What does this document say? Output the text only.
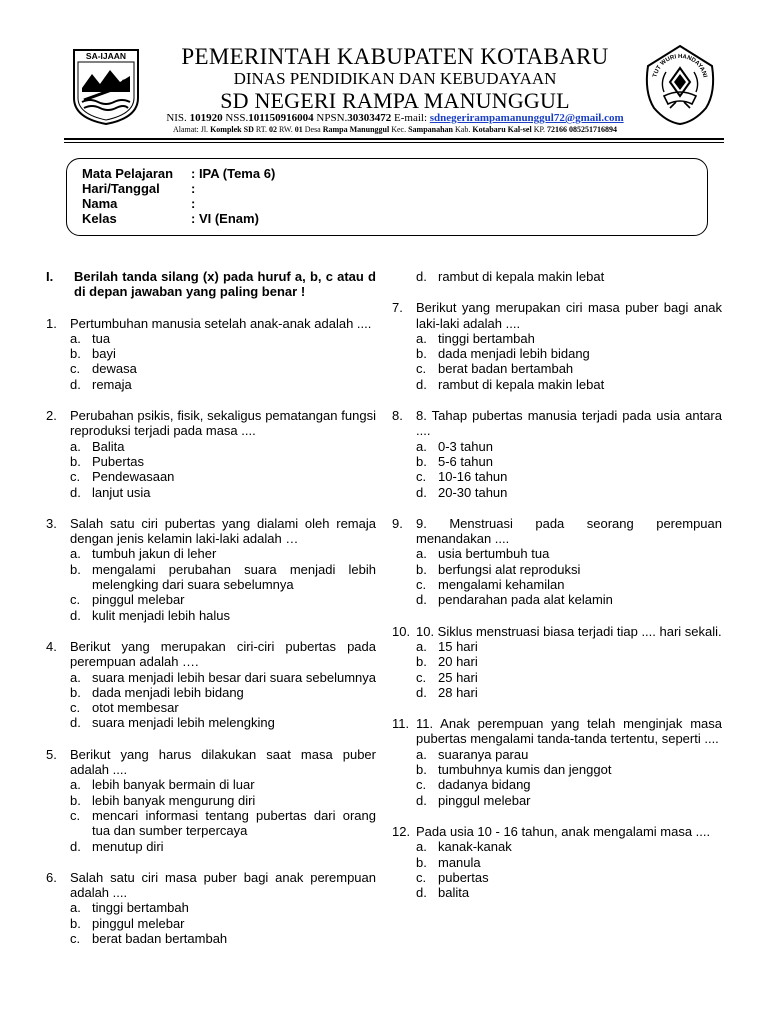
SA-IJAAN	PEMERINTAH KABUPATEN KOTABARU
DINAS PENDIDIKAN DAN KEBUDAYAAN
SD NEGERI RAMPA MANUNGGUL
NIS. 101920 NSS.101150916004 NPSN.30303472 E-mail: sdnegerirampamanunggul72@gmail.com
Alamat: Jl. Komplek SD RT. 02 RW. 01 Desa Rampa Manunggul Kec. Sampanahan Kab. Kotabaru Kal-sel KP. 72166 085251716894
TUT WURI HANDAYANI
Mata Pelajaran : IPA (Tema 6)
Hari/Tanggal :
Nama	:
Kelas	: VI (Enam)
I.	Berilah tanda silang (x) pada huruf a, b, c atau d di depan jawaban yang paling benar !
1.	Pertumbuhan manusia setelah anak-anak adalah ....
a. tua
b. bayi
c. dewasa
d. remaja
2.	Perubahan psikis, fisik, sekaligus pematangan fungsi reproduksi terjadi pada masa ....
a. Balita
b. Pubertas
c. Pendewasaan
d. lanjut usia
3.	Salah satu ciri pubertas yang dialami oleh remaja dengan jenis kelamin laki-laki adalah …
a. tumbuh jakun di leher
b. mengalami perubahan suara menjadi lebih melengking dari suara sebelumnya
c. pinggul melebar
d. kulit menjadi lebih halus
4.	Berikut yang merupakan ciri-ciri pubertas pada perempuan adalah ….
a. suara menjadi lebih besar dari suara sebelumnya
b. dada menjadi lebih bidang
c. otot membesar
d. suara menjadi lebih melengking
5.	Berikut yang harus dilakukan saat masa puber adalah ....
a. lebih banyak bermain di luar
b. lebih banyak mengurung diri
c. mencari informasi tentang pubertas dari orang tua dan sumber terpercaya
d. menutup diri
6.	Salah satu ciri masa puber bagi anak perempuan adalah ....
a. tinggi bertambah
b. pinggul melebar
c. berat badan bertambah
d. rambut di kepala makin lebat
7.	Berikut yang merupakan ciri masa puber bagi anak laki-laki adalah ....
a. tinggi bertambah
b. dada menjadi lebih bidang
c. berat badan bertambah
d. rambut di kepala makin lebat
8.	8. Tahap pubertas manusia terjadi pada usia antara ....
a. 0-3 tahun
b. 5-6 tahun
c. 10-16 tahun
d. 20-30 tahun
9.	9. Menstruasi pada seorang perempuan menandakan ....
a. usia bertumbuh tua
b. berfungsi alat reproduksi
c. mengalami kehamilan
d. pendarahan pada alat kelamin
10. 10. Siklus menstruasi biasa terjadi tiap .... hari sekali.
a. 15 hari
b. 20 hari
c. 25 hari
d. 28 hari
11. 11. Anak perempuan yang telah menginjak masa pubertas mengalami tanda-tanda tertentu, seperti ....
a. suaranya parau
b. tumbuhnya kumis dan jenggot
c. dadanya bidang
d. pinggul melebar
12. Pada usia 10 - 16 tahun, anak mengalami masa ....
a. kanak-kanak
b. manula
c. pubertas
d. balita
